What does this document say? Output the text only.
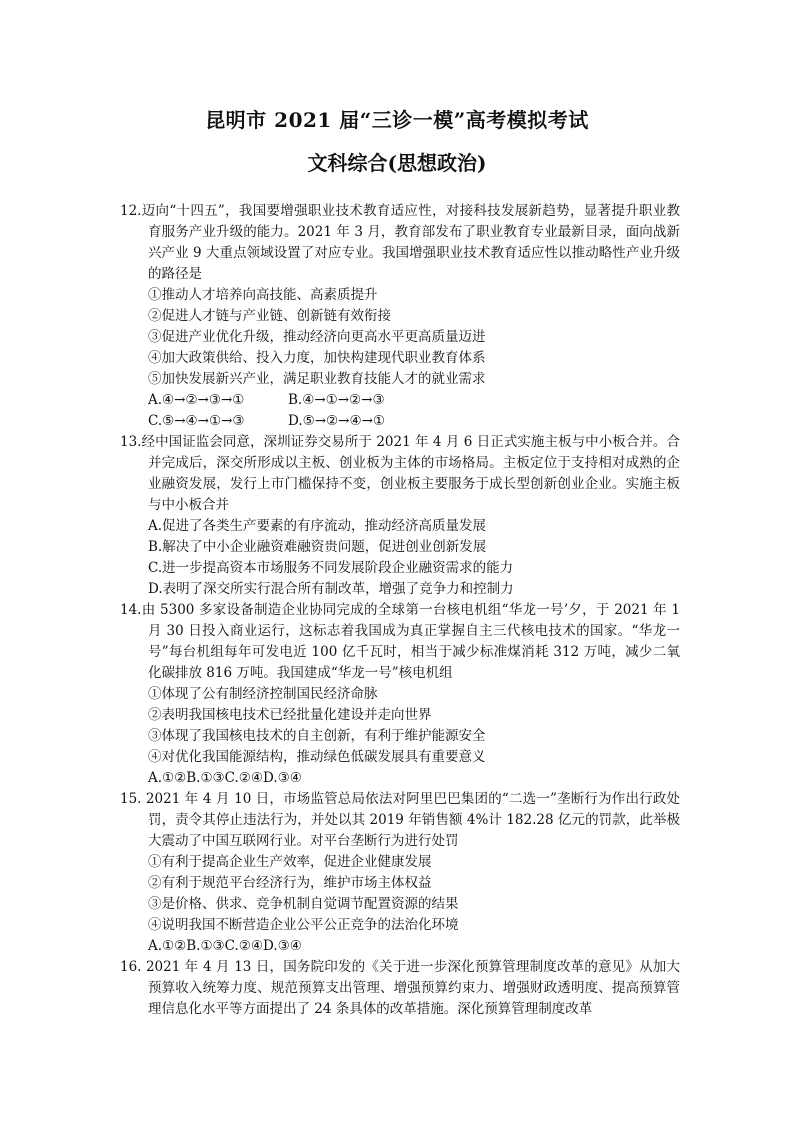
昆明市 2021 届“三诊一模”高考模拟考试
文科综合(思想政治)

12.迈向“十四五”，我国要增强职业技术教育适应性，对接科技发展新趋势，显著提升职业教育服务产业升级的能力。2021 年 3 月，教育部发布了职业教育专业最新目录，面向战新兴产业 9 大重点领域设置了对应专业。我国增强职业技术教育适应性以推动略性产业升级的路径是

①推动人才培养向高技能、高素质提升

②促进人才链与产业链、创新链有效衔接

③促进产业优化升级，推动经济向更高水平更高质量迈进

④加大政策供给、投入力度，加快构建现代职业教育体系

⑤加快发展新兴产业，满足职业教育技能人才的就业需求

A.④→②→③→①	B.④→①→②→③

C.⑤→④→①→③	D.⑤→②→④→①

13.经中国证监会同意，深圳证券交易所于 2021 年 4 月 6 日正式实施主板与中小板合并。合并完成后，深交所形成以主板、创业板为主体的市场格局。主板定位于支持相对成熟的企业融资发展，发行上市门槛保持不变，创业板主要服务于成长型创新创业企业。实施主板与中小板合并

A.促进了各类生产要素的有序流动，推动经济高质量发展

B.解决了中小企业融资难融资贵问题，促进创业创新发展

C.进一步提高资本市场服务不同发展阶段企业融资需求的能力

D.表明了深交所实行混合所有制改革，增强了竞争力和控制力

14.由 5300 多家设备制造企业协同完成的全球第一台核电机组“华龙一号’夕，于 2021 年 1 月 30 日投入商业运行，这标志着我国成为真正掌握自主三代核电技术的国家。“华龙一号”每台机组每年可发电近 100 亿千瓦时，相当于减少标准煤消耗 312 万吨，减少二氧化碳排放 816 万吨。我国建成“华龙一号”核电机组

①体现了公有制经济控制国民经济命脉

②表明我国核电技术已经批量化建设并走向世界

③体现了我国核电技术的自主创新，有利于维护能源安全

④对优化我国能源结构，推动绿色低碳发展具有重要意义

A.①②B.①③C.②④D.③④

15. 2021 年 4 月 10 日，市场监管总局依法对阿里巴巴集团的“二选一”垄断行为作出行政处罚，责令其停止违法行为，并处以其 2019 年销售额 4%计 182.28 亿元的罚款，此举极大震动了中国互联网行业。对平台垄断行为进行处罚

①有利于提高企业生产效率，促进企业健康发展

②有利于规范平台经济行为，维护市场主体权益

③是价格、供求、竞争机制自觉调节配置资源的结果

④说明我国不断营造企业公平公正竞争的法治化环境

A.①②B.①③C.②④D.③④

16. 2021 年 4 月 13 日，国务院印发的《关于进一步深化预算管理制度改革的意见》从加大预算收入统筹力度、规范预算支出管理、增强预算约束力、增强财政透明度、提高预算管理信息化水平等方面提出了 24 条具体的改革措施。深化预算管理制度改革
